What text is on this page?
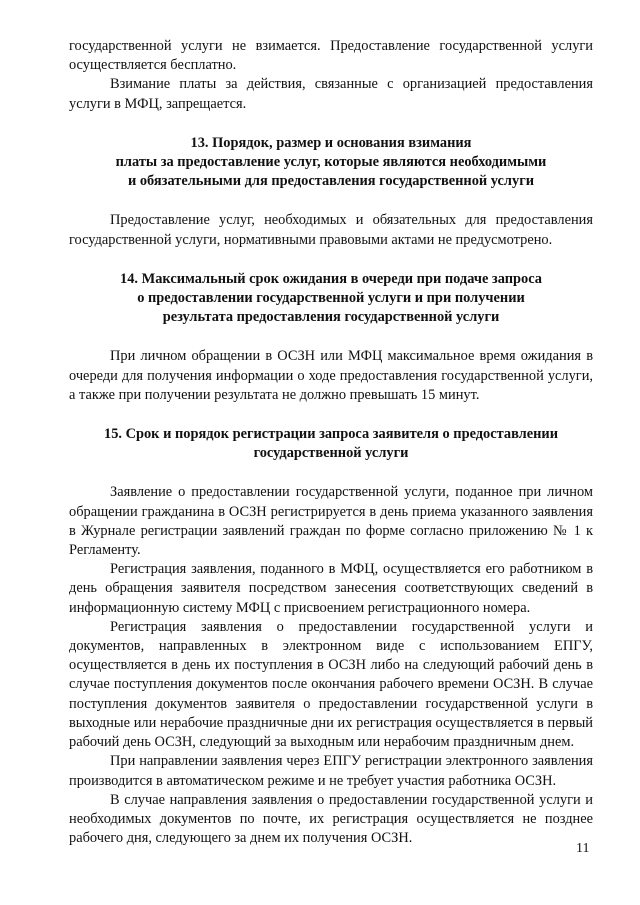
государственной услуги не взимается. Предоставление государственной услуги осуществляется бесплатно.

Взимание платы за действия, связанные с организацией предоставления услуги в МФЦ, запрещается.

13. Порядок, размер и основания взимания
платы за предоставление услуг, которые являются необходимыми
и обязательными для предоставления государственной услуги

Предоставление услуг, необходимых и обязательных для предоставления государственной услуги, нормативными правовыми актами не предусмотрено.

14. Максимальный срок ожидания в очереди при подаче запроса
о предоставлении государственной услуги и при получении
результата предоставления государственной услуги

При личном обращении в ОСЗН или МФЦ максимальное время ожидания в очереди для получения информации о ходе предоставления государственной услуги, а также при получении результата не должно превышать 15 минут.

15. Срок и порядок регистрации запроса заявителя о предоставлении
государственной услуги

Заявление о предоставлении государственной услуги, поданное при личном обращении гражданина в ОСЗН регистрируется в день приема указанного заявления в Журнале регистрации заявлений граждан по форме согласно приложению № 1 к Регламенту.

Регистрация заявления, поданного в МФЦ, осуществляется его работником в день обращения заявителя посредством занесения соответствующих сведений в информационную систему МФЦ с присвоением регистрационного номера.

Регистрация заявления о предоставлении государственной услуги и документов, направленных в электронном виде с использованием ЕПГУ, осуществляется в день их поступления в ОСЗН либо на следующий рабочий день в случае поступления документов после окончания рабочего времени ОСЗН. В случае поступления документов заявителя о предоставлении государственной услуги в выходные или нерабочие праздничные дни их регистрация осуществляется в первый рабочий день ОСЗН, следующий за выходным или нерабочим праздничным днем.

При направлении заявления через ЕПГУ регистрации электронного заявления производится в автоматическом режиме и не требует участия работника ОСЗН.

В случае направления заявления о предоставлении государственной услуги и необходимых документов по почте, их регистрация осуществляется не позднее рабочего дня, следующего за днем их получения ОСЗН.

11
